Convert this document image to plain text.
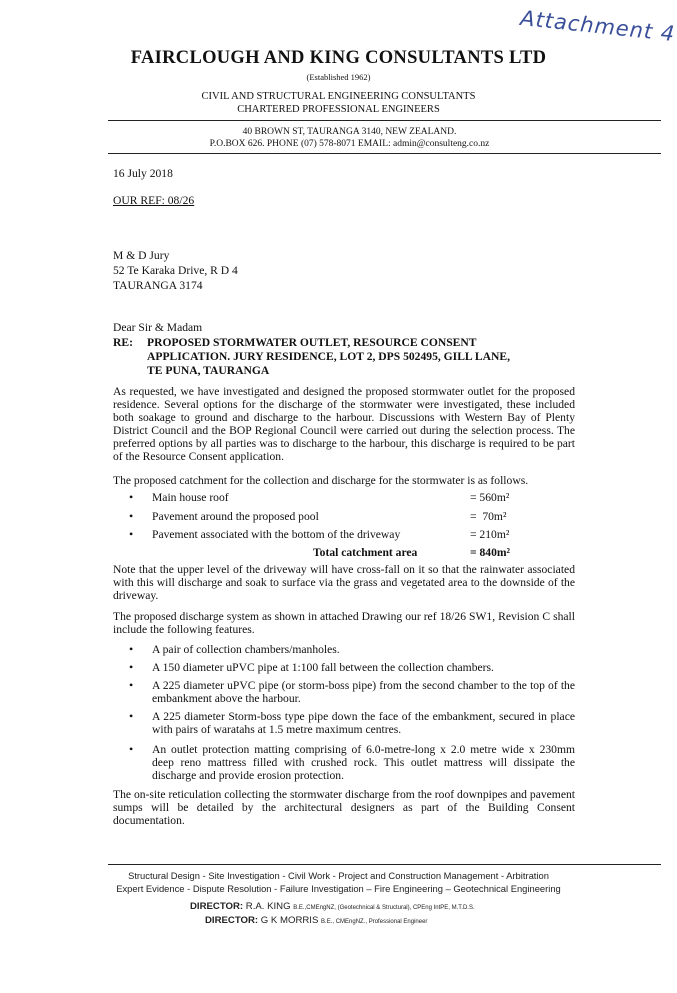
Attachment 4
FAIRCLOUGH AND KING CONSULTANTS LTD
(Established 1962)
CIVIL AND STRUCTURAL ENGINEERING CONSULTANTS
CHARTERED PROFESSIONAL ENGINEERS
40 BROWN ST, TAURANGA 3140, NEW ZEALAND.
P.O.BOX 626. PHONE (07) 578-8071 EMAIL: admin@consulteng.co.nz
16 July 2018
OUR REF: 08/26
M & D Jury
52 Te Karaka Drive, R D 4
TAURANGA 3174
Dear Sir & Madam
RE: PROPOSED STORMWATER OUTLET, RESOURCE CONSENT
APPLICATION. JURY RESIDENCE, LOT 2, DPS 502495, GILL LANE,
TE PUNA, TAURANGA
As requested, we have investigated and designed the proposed stormwater outlet for the proposed residence. Several options for the discharge of the stormwater were investigated, these included both soakage to ground and discharge to the harbour. Discussions with Western Bay of Plenty District Council and the BOP Regional Council were carried out during the selection process. The preferred options by all parties was to discharge to the harbour, this discharge is required to be part of the Resource Consent application.
The proposed catchment for the collection and discharge for the stormwater is as follows.
•	Main house roof	= 560m²
•	Pavement around the proposed pool	=  70m²
•	Pavement associated with the bottom of the driveway	= 210m²
Total catchment area	= 840m²
Note that the upper level of the driveway will have cross-fall on it so that the rainwater associated with this will discharge and soak to surface via the grass and vegetated area to the downside of the driveway.
The proposed discharge system as shown in attached Drawing our ref 18/26 SW1, Revision C shall include the following features.
•	A pair of collection chambers/manholes.
•	A 150 diameter uPVC pipe at 1:100 fall between the collection chambers.
•	A 225 diameter uPVC pipe (or storm-boss pipe) from the second chamber to the top of the embankment above the harbour.
•	A 225 diameter Storm-boss type pipe down the face of the embankment, secured in place with pairs of waratahs at 1.5 metre maximum centres.
•	An outlet protection matting comprising of 6.0-metre-long x 2.0 metre wide x 230mm deep reno mattress filled with crushed rock. This outlet mattress will dissipate the discharge and provide erosion protection.
The on-site reticulation collecting the stormwater discharge from the roof downpipes and pavement sumps will be detailed by the architectural designers as part of the Building Consent documentation.
Structural Design - Site Investigation - Civil Work - Project and Construction Management - Arbitration
Expert Evidence - Dispute Resolution - Failure Investigation – Fire Engineering – Geotechnical Engineering
DIRECTOR: R.A. KING B.E.,CMEngNZ, (Geotechnical & Structural), CPEng IntPE, M.T.D.S.
DIRECTOR: G K MORRIS B.E., CMEngNZ., Professional Engineer
